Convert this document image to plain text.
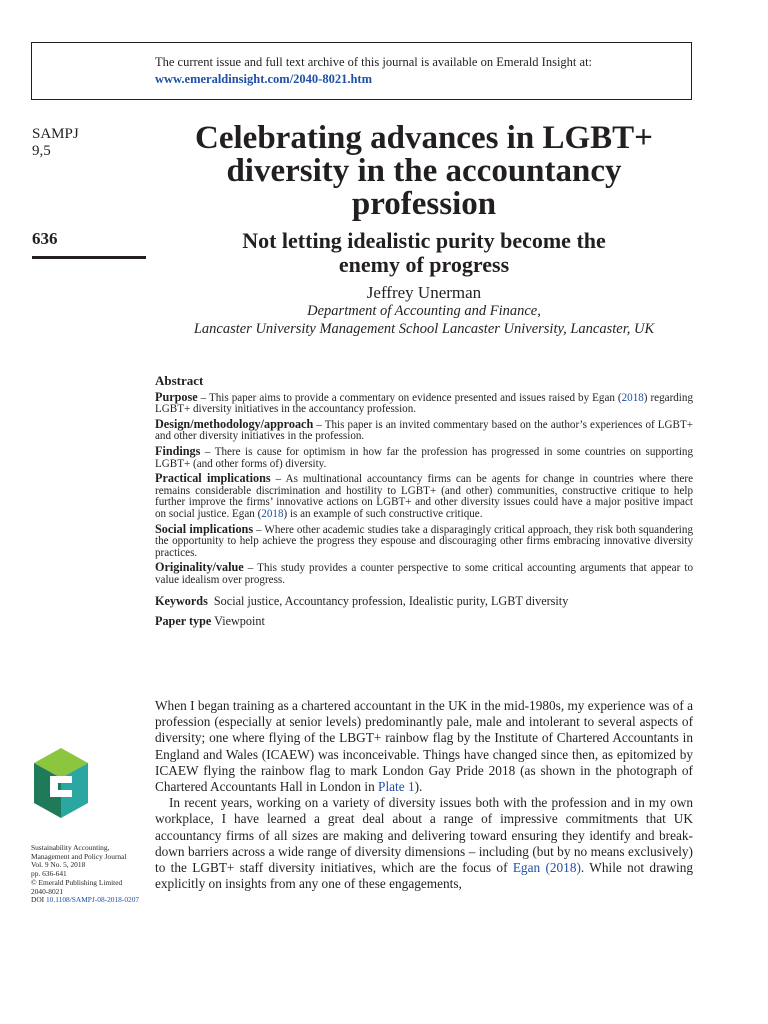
The current issue and full text archive of this journal is available on Emerald Insight at:
www.emeraldinsight.com/2040-8021.htm
SAMPJ
9,5
636
Celebrating advances in LGBT+
diversity in the accountancy
profession
Not letting idealistic purity become the
enemy of progress
Jeffrey Unerman
Department of Accounting and Finance,
Lancaster University Management School Lancaster University, Lancaster, UK
Abstract
Purpose – This paper aims to provide a commentary on evidence presented and issues raised by Egan (2018) regarding LGBT+ diversity initiatives in the accountancy profession.
Design/methodology/approach – This paper is an invited commentary based on the author’s experiences of LGBT+ and other diversity initiatives in the profession.
Findings – There is cause for optimism in how far the profession has progressed in some countries on supporting LGBT+ (and other forms of) diversity.
Practical implications – As multinational accountancy firms can be agents for change in countries where there remains considerable discrimination and hostility to LGBT+ (and other) communities, constructive critique to help further improve the firms’ innovative actions on LGBT+ and other diversity issues could have a major positive impact on social justice. Egan (2018) is an example of such constructive critique.
Social implications – Where other academic studies take a disparagingly critical approach, they risk both squandering the opportunity to help achieve the progress they espouse and discouraging other firms embracing innovative diversity practices.
Originality/value – This study provides a counter perspective to some critical accounting arguments that appear to value idealism over progress.
Keywords Social justice, Accountancy profession, Idealistic purity, LGBT diversity
Paper type Viewpoint

When I began training as a chartered accountant in the UK in the mid-1980s, my experience was of a profession (especially at senior levels) predominantly pale, male and intolerant to several aspects of diversity; one where flying of the LBGT+ rainbow flag by the Institute of Chartered Accountants in England and Wales (ICAEW) was inconceivable. Things have changed since then, as epitomized by ICAEW flying the rainbow flag to mark London Gay Pride 2018 (as shown in the photograph of Chartered Accountants Hall in London in Plate 1).

In recent years, working on a variety of diversity issues both with the profession and in my own workplace, I have learned a great deal about a range of impressive commitments that UK accountancy firms of all sizes are making and delivering toward ensuring they identify and break-down barriers across a wide range of diversity dimensions – including (but by no means exclusively) to the LGBT+ staff diversity initiatives, which are the focus of Egan (2018). While not drawing explicitly on insights from any one of these engagements,

Sustainability Accounting,
Management and Policy Journal
Vol. 9 No. 5, 2018
pp. 636-641
© Emerald Publishing Limited
2040-8021
DOI 10.1108/SAMPJ-08-2018-0207
